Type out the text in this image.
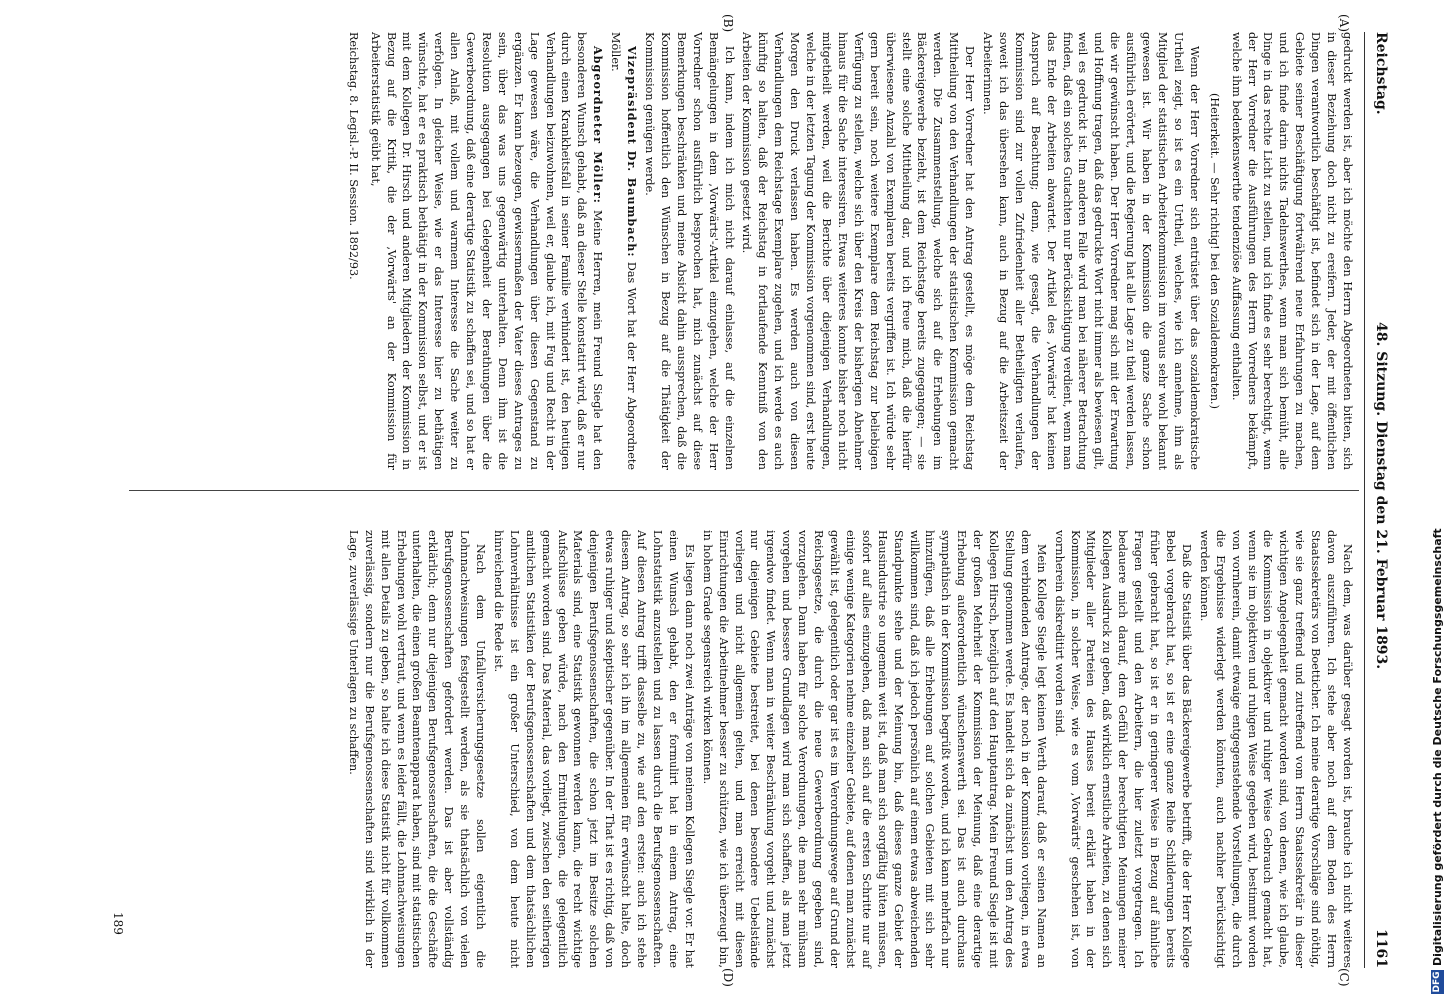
Reichstag.
48. Sitzung. Dienstag den 21. Februar 1893.
1161
(A)
(B)
(C)
(D)

gedruckt werden ist, aber ich möchte den Herrn Abgeordneten bitten, sich in dieser Beziehung doch nicht zu ereifern. Jeder, der mit öffentlichen Dingen verantwortlich beschäftigt ist, befindet sich in der Lage, auf dem Gebiete seiner Beschäftigung fortwährend neue Erfahrungen zu machen, und ich finde darin nichts Tadelnswerthes, wenn man sich bemüht, alle Dinge in das rechte Licht zu stellen, und ich finde es sehr berechtigt, wenn der Herr Vorredner die Ausführungen des Herrn Vorredners bekämpft, welche ihm bedenkenswerthe tendenziöse Auffassung enthalten.

(Heiterkeit. — Sehr richtig! bei den Sozialdemokraten.)

Wenn der Herr Vorredner sich entrüstet über das sozialdemokratische Urtheil zeigt, so ist es ein Urtheil, welches, wie ich annehme, ihm als Mitglied der statistischen Arbeiterkommission im voraus sehr wohl bekannt gewesen ist. Wir haben in der Kommission die ganze Sache schon ausführlich erörtert, und die Regierung hat alle Lage zu theil werden lassen, die wir gewünscht haben. Der Herr Vorredner mag sich mit der Erwartung und Hoffnung tragen, daß das gedruckte Wort nicht immer als bewiesen gilt, weil es gedruckt ist. Im anderen Falle wird man bei näherer Betrachtung finden, daß ein solches Gutachten nur Berücksichtigung verdient, wenn man das Ende der Arbeiten abwartet. Der Artikel des ‚Vorwärts' hat keinen Anspruch auf Beachtung; denn, wie gesagt, die Verhandlungen der Kommission sind zur vollen Zufriedenheit aller Betheiligten verlaufen, soweit ich das übersehen kann, auch in Bezug auf die Arbeitszeit der Arbeiterinnen.

Der Herr Vorredner hat den Antrag gestellt, es möge dem Reichstag Mittheilung von den Verhandlungen der statistischen Kommission gemacht werden. Die Zusammenstellung, welche sich auf die Erhebungen im Bäckereigewerbe bezieht, ist dem Reichstage bereits zugegangen; — sie stellt eine solche Mittheilung dar, und ich freue mich, daß die hierfür überwiesene Anzahl von Exemplaren bereits vergriffen ist. Ich würde sehr gern bereit sein, noch weitere Exemplare dem Reichstag zur beliebigen Verfügung zu stellen, welche sich über den Kreis der bisherigen Abnehmer hinaus für die Sache interessiren. Etwas weiteres konnte bisher noch nicht mitgetheilt werden, weil die Berichte über diejenigen Verhandlungen, welche in der letzten Tagung der Kommission vorgenommen sind, erst heute Morgen den Druck verlassen haben. Es werden auch von diesen Verhandlungen dem Reichstage Exemplare zugehen, und ich werde es auch künftig so halten, daß der Reichstag in fortlaufende Kenntniß von den Arbeiten der Kommission gesetzt wird.

Ich kann, indem ich mich nicht darauf einlasse, auf die einzelnen Bemängelungen in dem ‚Vorwärts'-Artikel einzugehen, welche der Herr Vorredner schon ausführlich besprochen hat, mich zunächst auf diese Bemerkungen beschränken und meine Absicht dahin aussprechen, daß die Kommission hoffentlich den Wünschen in Bezug auf die Thätigkeit der Kommission genügen werde.

Vizepräsident Dr. Baumbach: Das Wort hat der Herr Abgeordnete Möller.

Abgeordneter Möller: Meine Herren, mein Freund Siegle hat den besonderen Wunsch gehabt, daß an dieser Stelle konstatirt wird, daß er nur durch einen Krankheitsfall in seiner Familie verhindert ist, den heutigen Verhandlungen beizuwohnen, weil er, glaube ich, mit Fug und Recht in der Lage gewesen wäre, die Verhandlungen über diesen Gegenstand zu ergänzen. Er kann bezeugen, gewissermaßen der Vater dieses Antrages zu sein, über das was uns gegenwärtig unterhalten. Denn ihm ist die Resolution ausgegangen bei Gelegenheit der Berathungen über die Gewerbeordnung, daß eine derartige Statistik zu schaffen sei, und so hat er allen Anlaß, mit vollem und warmem Interesse die Sache weiter zu verfolgen. In gleicher Weise, wie er das Interesse hier zu bethätigen wünschte, hat er es praktisch bethätigt in der Kommission selbst, und er ist mit dem Kollegen Dr. Hirsch und anderen Mitgliedern der Kommission in Bezug auf die Kritik, die der ‚Vorwärts' an der Kommission für Arbeiterstatistik geübt hat,

Reichstag. 8. Legisl.-P. II. Session. 1892/93.

Nach dem, was darüber gesagt worden ist, brauche ich nicht weiteres davon auszuführen. Ich stehe aber noch auf dem Boden des Herrn Staatssekretärs von Boetticher. Ich meine derartige Vorschläge sind nöthig, wie sie ganz treffend und zutreffend vom Herrn Staatssekretär in dieser wichtigen Angelegenheit gemacht worden sind, von denen, wie ich glaube, die Kommission in objektiver und ruhiger Weise Gebrauch gemacht hat, wenn sie im objektiven und ruhigen Weise gegeben wird, bestimmt worden von vornherein, damit etwaige entgegenstehende Vorstellungen, die durch die Ergebnisse widerlegt werden könnten, auch nachher berücksichtigt werden können.

Daß die Statistik über das Bäckereigewerbe betrifft, die der Herr Kollege Bebel vorgebracht hat, so ist er eine ganze Reihe Schilderungen bereits früher gebracht hat, so ist er in geringerer Weise in Bezug auf ähnliche Fragen gestellt und den Arbeitern, die hier zuletzt vorgetragen. Ich bedauere mich darauf, dem Gefühl der berechtigten Meinungen meiner Kollegen Ausdruck zu geben, daß wirklich ernstliche Arbeiten, zu denen sich Mitglieder aller Parteien des Hauses bereit erklärt haben in der Kommission, in solcher Weise, wie es vom ‚Vorwärts' geschehen ist, von vornherein diskreditirt worden sind.

Mein Kollege Siegle legt keinen Werth darauf, daß er seinen Namen an dem verbindenden Antrage, der noch in der Kommission vorliegen, in etwa Stellung genommen werde. Es handelt sich da zunächst um den Antrag des Kollegen Hirsch, bezüglich auf den Hauptantrag. Mein Freund Siegle ist mit der großen Mehrheit der Kommission der Meinung, daß eine derartige Erhebung außerordentlich wünschenswerth sei. Das ist auch durchaus sympathisch in der Kommission begrüßt worden, und ich kann mehrfach nur hinzufügen, daß alle Erhebungen auf solchen Gebieten mit sich sehr willkommen sind, daß ich jedoch persönlich auf einem etwas abweichenden Standpunkte stehe und der Meinung bin, daß dieses ganze Gebiet der Hausindustrie so ungemein weit ist, daß man sich sorgfältig hüten müssen, sofort auf alles einzugehen, daß man sich auf die ersten Schritte nur auf einige wenige Kategorien nehme einzelner Gebiete, auf denen man zunächst gewählt ist, gelegentlich oder gar ist es im Verordnungswege auf Grund der Reichsgesetze, die durch die neue Gewerbeordnung gegeben sind, vorzugehen. Dann haben für solche Verordnungen, die man sehr mühsam vorgehen und bessere Grundlagen wird man sich schaffen, als man jetzt irgendwo findet. Wenn man in weiter Beschränkung vorgeht und zunächst nur diejenigen Gebiete bestreitet, bei denen besondere Uebelstände vorliegen und nicht allgemein gelten, und man erreicht mit diesen Einrichtungen die Arbeitnehmer besser zu schützen, wie ich überzeugt bin, in hohem Grade segensreich wirken können.

Es liegen dann noch zwei Anträge von meinem Kollegen Siegle vor. Er hat einen Wunsch gehabt, den er formulirt hat in einem Antrag, eine Lohnstatistik anzustellen und zu lassen durch die Berufsgenossenschaften. Auf diesen Antrag trifft dasselbe zu, wie auf den ersten: auch ich stehe diesem Antrag, so sehr ich ihn im allgemeinen für erwünscht halte, doch etwas ruhiger und skeptischer gegenüber. In der That ist es richtig, daß von denjenigen Berufsgenossenschaften, die schon jetzt im Besitze solchen Materials sind, eine Statistik gewonnen werden kann, die recht wichtige Aufschlüsse geben würde, nach den Ermittelungen, die gelegentlich gemacht worden sind. Das Material, das vorliegt, zwischen den seitherigen amtlichen Statistiken der Berufsgenossenschaften und dem thatsächlichen Lohnverhältnisse ist ein großer Unterschied, von dem heute nicht hinreichend die Rede ist.

Nach dem Unfallversicherungsgesetze sollen eigentlich die Lohnnachweisungen festgestellt werden, als sie thatsächlich von vielen Berufsgenossenschaften gefordert werden. Das ist aber vollständig erklärlich; denn nur diejenigen Berufsgenossenschaften, die die Geschäfte unterhalten, die einen großen Beamtenapparat haben, sind mit statistischen Erhebungen wohl vertraut, und wenn es leider fällt, die Lohnnachweisungen mit allen Details zu geben, so halte ich diese Statistik nicht für vollkommen zuverlässig, sondern nur die Berufsgenossenschaften sind wirklich in der Lage, zuverlässige Unterlagen zu schaffen.

189	Digitalisierung gefördert durch die Deutsche Forschungsgemeinschaft
DFG
